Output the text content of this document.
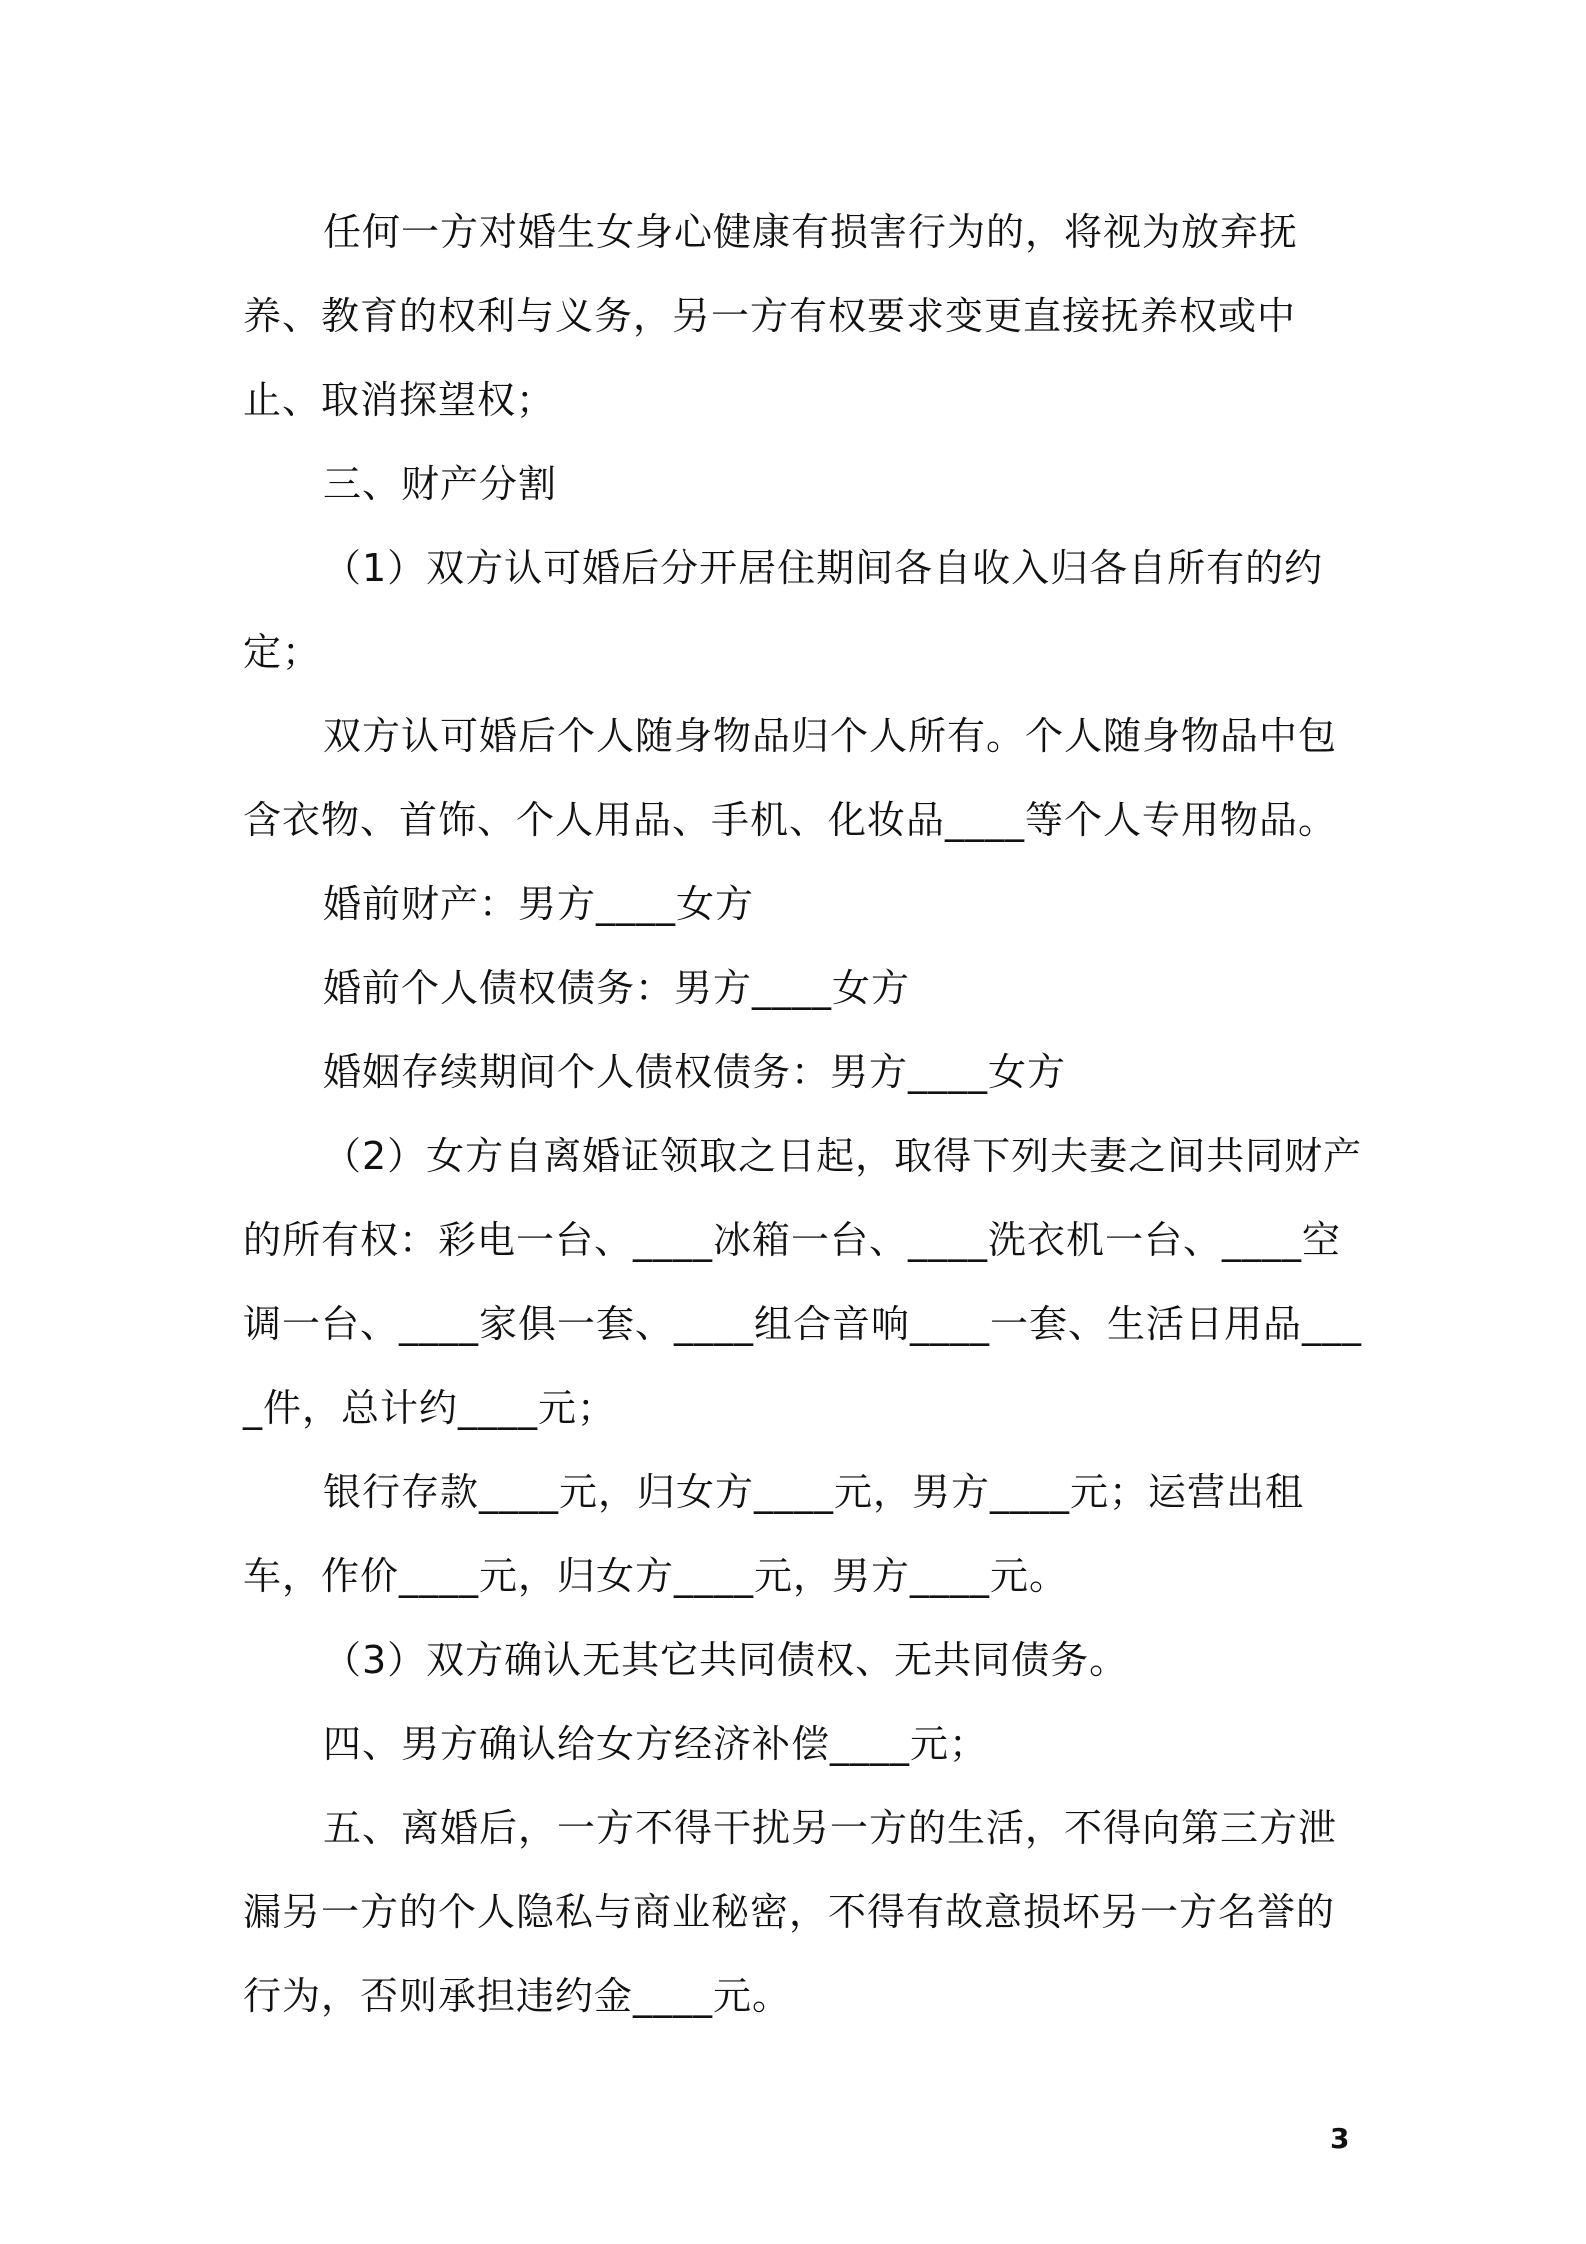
任何一方对婚生女身心健康有损害行为的，将视为放弃抚养、教育的权利与义务，另一方有权要求变更直接抚养权或中止、取消探望权；

三、财产分割

（1）双方认可婚后分开居住期间各自收入归各自所有的约定；

双方认可婚后个人随身物品归个人所有。个人随身物品中包含衣物、首饰、个人用品、手机、化妆品____等个人专用物品。

婚前财产：男方____女方

婚前个人债权债务：男方____女方

婚姻存续期间个人债权债务：男方____女方

（2）女方自离婚证领取之日起，取得下列夫妻之间共同财产的所有权：彩电一台、____冰箱一台、____洗衣机一台、____空调一台、____家俱一套、____组合音响____一套、生活日用品____件，总计约____元；

银行存款____元，归女方____元，男方____元；运营出租车，作价____元，归女方____元，男方____元。

（3）双方确认无其它共同债权、无共同债务。

四、男方确认给女方经济补偿____元；

五、离婚后，一方不得干扰另一方的生活，不得向第三方泄漏另一方的个人隐私与商业秘密，不得有故意损坏另一方名誉的行为，否则承担违约金____元。

3
